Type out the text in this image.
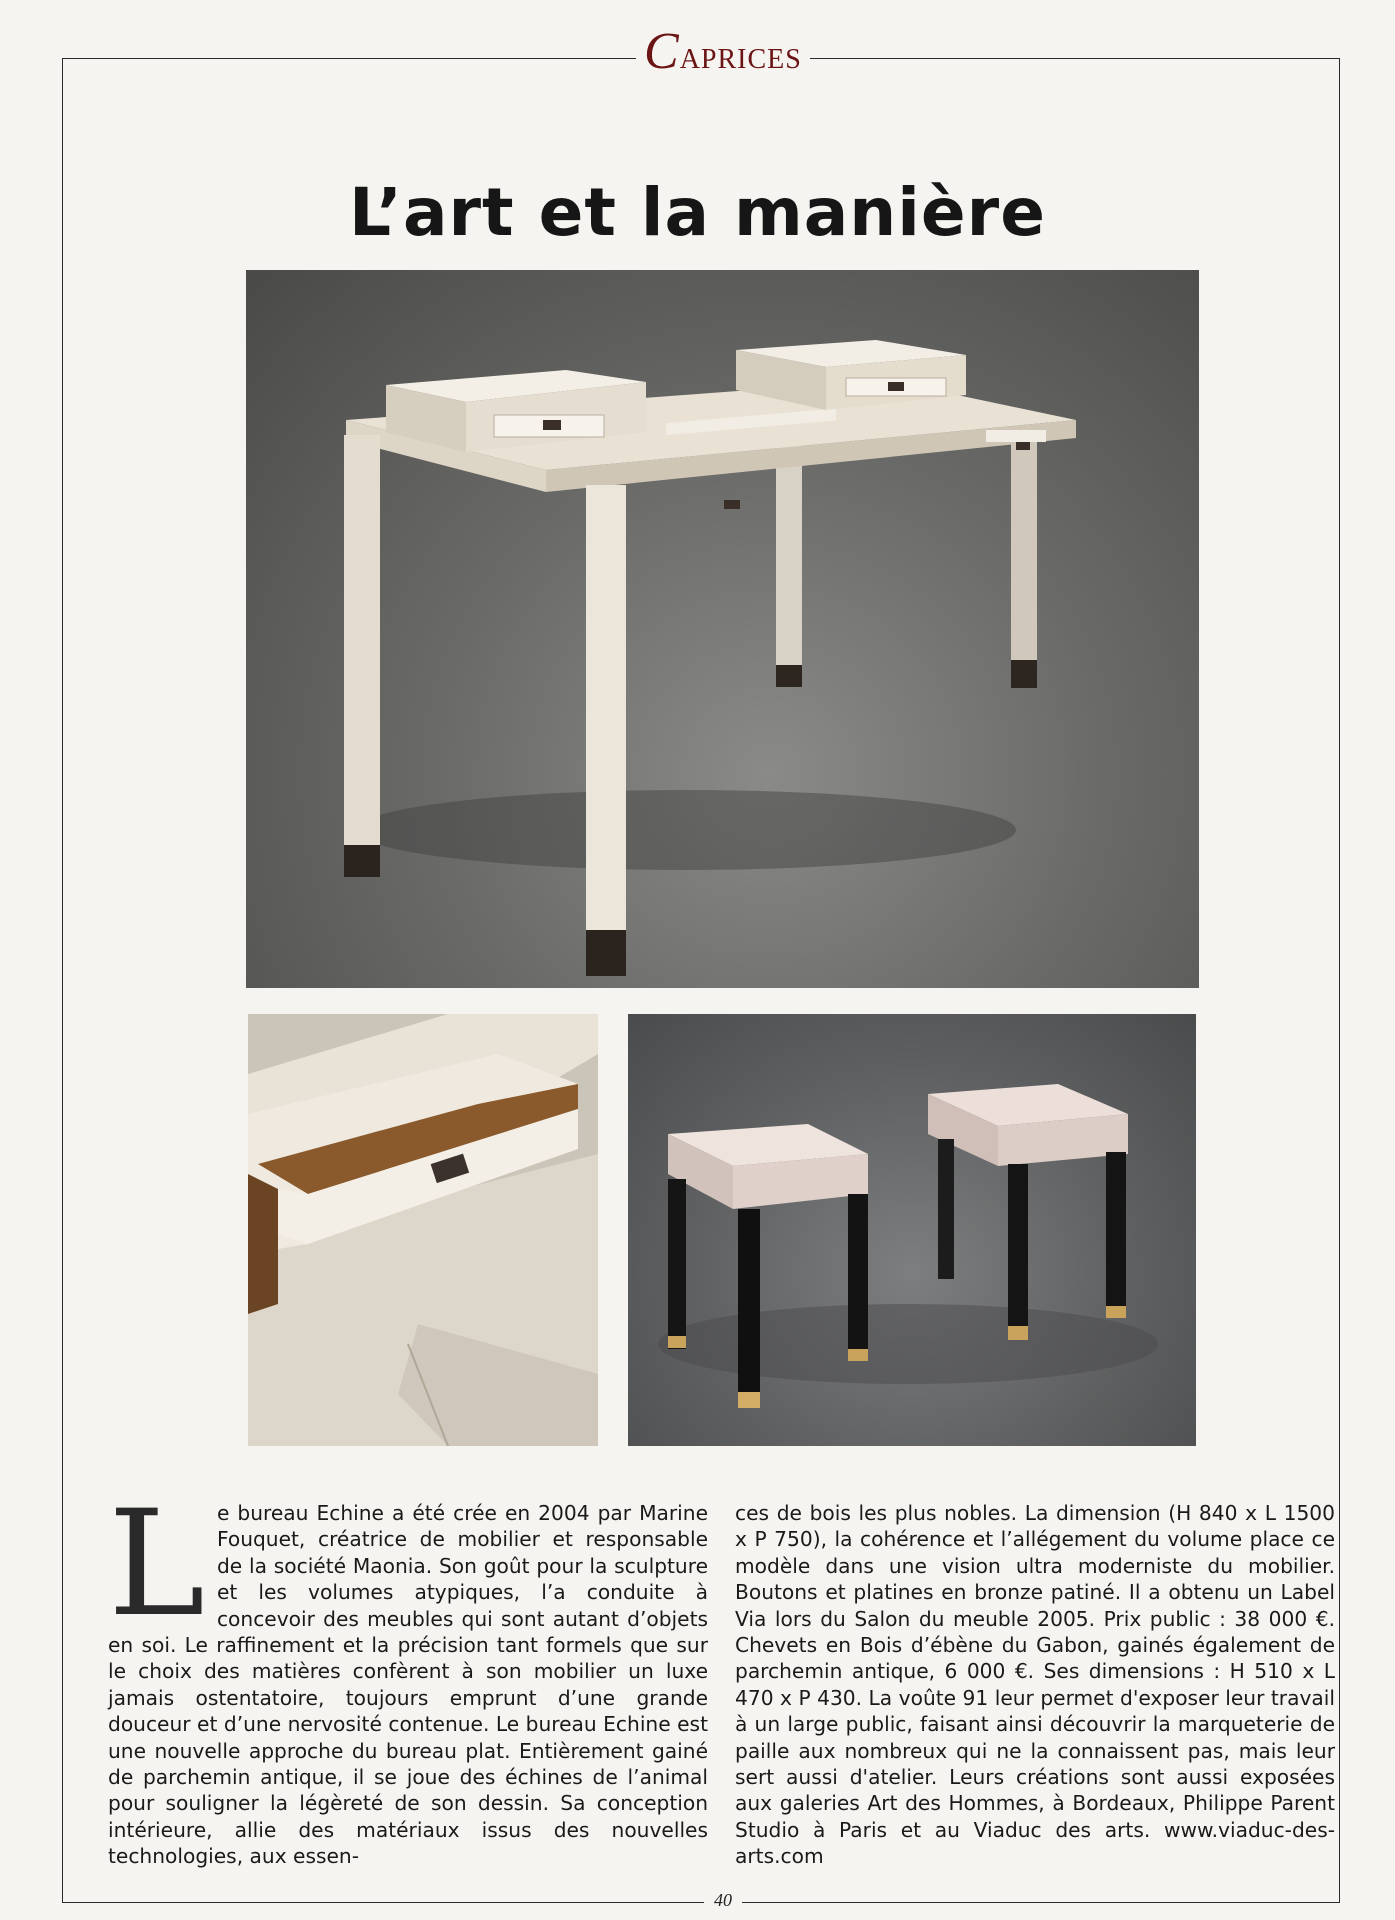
C APRICES
L’art et la manière
L e bureau Echine a été crée en 2004 par Marine Fouquet, créatrice de mobilier et responsable de la société Maonia. Son goût pour la sculpture et les volumes atypiques, l’a conduite à concevoir des meubles qui sont autant d’objets en soi. Le raffinement et la précision tant formels que sur le choix des matières confèrent à son mobilier un luxe jamais ostentatoire, toujours emprunt d’une grande douceur et d’une nervosité contenue. Le bureau Echine est une nouvelle approche du bureau plat. Entièrement gainé de parchemin antique, il se joue des échines de l’animal pour souligner la légèreté de son dessin. Sa conception intérieure, allie des matériaux issus des nouvelles technologies, aux essen-
ces de bois les plus nobles. La dimension (H 840 x L 1500 x P 750), la cohérence et l’allégement du volume place ce modèle dans une vision ultra moderniste du mobilier. Boutons et platines en bronze patiné. Il a obtenu un Label Via lors du Salon du meuble 2005. Prix public : 38 000 €. Chevets en Bois d’ébène du Gabon, gainés également de parchemin antique, 6 000 €. Ses dimensions : H 510 x L 470 x P 430. La voûte 91 leur permet d'exposer leur travail à un large public, faisant ainsi découvrir la marqueterie de paille aux nombreux qui ne la connaissent pas, mais leur sert aussi d'atelier. Leurs créations sont aussi exposées aux galeries Art des Hommes, à Bordeaux, Philippe Parent Studio à Paris et au Viaduc des arts. www.viaduc-des-arts.com
40
